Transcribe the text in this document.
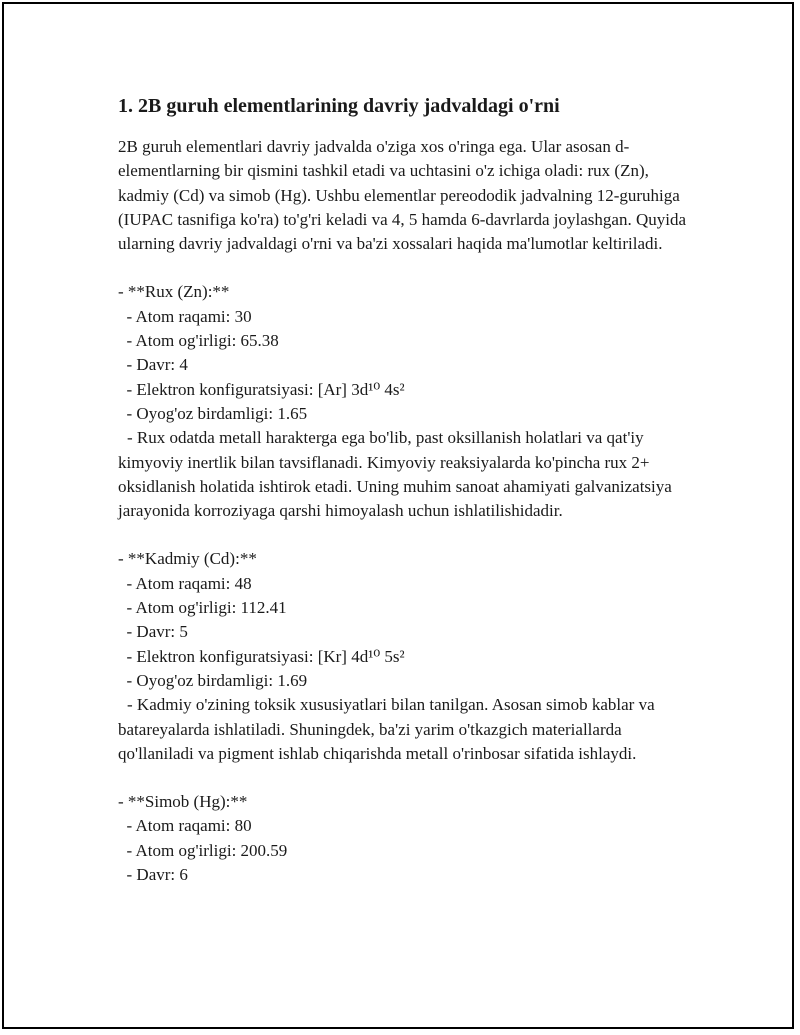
1. 2B guruh elementlarining davriy jadvaldagi o'rni

2B guruh elementlari davriy jadvalda o'ziga xos o'ringa ega. Ular asosan d-elementlarning bir qismini tashkil etadi va uchtasini o'z ichiga oladi: rux (Zn), kadmiy (Cd) va simob (Hg). Ushbu elementlar pereododik jadvalning 12-guruhiga (IUPAC tasnifiga ko'ra) to'g'ri keladi va 4, 5 hamda 6-davrlarda joylashgan. Quyida ularning davriy jadvaldagi o'rni va ba'zi xossalari haqida ma'lumotlar keltiriladi.

- **Rux (Zn):**
- Atom raqami: 30
- Atom og'irligi: 65.38
- Davr: 4
- Elektron konfiguratsiyasi: [Ar] 3d¹⁰ 4s²
- Oyog'oz birdamligi: 1.65
- Rux odatda metall harakterga ega bo'lib, past oksillanish holatlari va qat'iy kimyoviy inertlik bilan tavsiflanadi. Kimyoviy reaksiyalarda ko'pincha rux 2+ oksidlanish holatida ishtirok etadi. Uning muhim sanoat ahamiyati galvanizatsiya jarayonida korroziyaga qarshi himoyalash uchun ishlatilishidadir.
- **Kadmiy (Cd):**
- Atom raqami: 48
- Atom og'irligi: 112.41
- Davr: 5
- Elektron konfiguratsiyasi: [Kr] 4d¹⁰ 5s²
- Oyog'oz birdamligi: 1.69
- Kadmiy o'zining toksik xususiyatlari bilan tanilgan. Asosan simob kablar va batareyalarda ishlatiladi. Shuningdek, ba'zi yarim o'tkazgich materiallarda qo'llaniladi va pigment ishlab chiqarishda metall o'rinbosar sifatida ishlaydi.
- **Simob (Hg):**
- Atom raqami: 80
- Atom og'irligi: 200.59
- Davr: 6
